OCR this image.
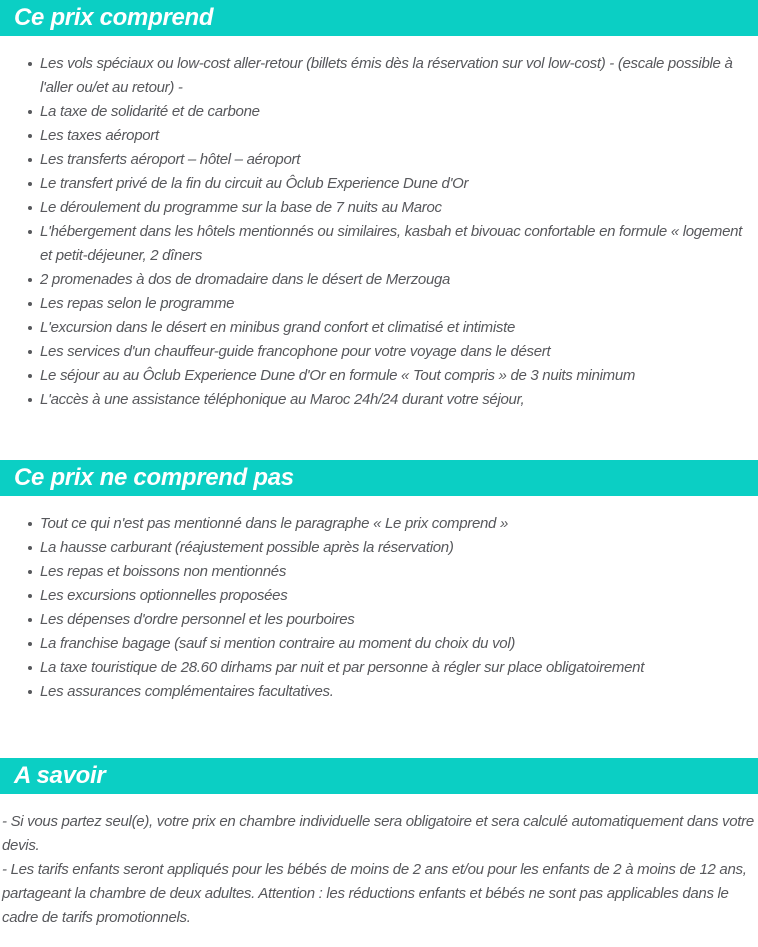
Ce prix comprend
Les vols spéciaux ou low-cost aller-retour (billets émis dès la réservation sur vol low-cost) - (escale possible à l'aller ou/et au retour) -
La taxe de solidarité et de carbone
Les taxes aéroport
Les transferts aéroport – hôtel – aéroport
Le transfert privé de la fin du circuit au Ôclub Experience Dune d'Or
Le déroulement du programme sur la base de 7 nuits au Maroc
L'hébergement dans les hôtels mentionnés ou similaires, kasbah et bivouac confortable en formule « logement et petit-déjeuner, 2 dîners
2 promenades à dos de dromadaire dans le désert de Merzouga
Les repas selon le programme
L'excursion dans le désert en minibus grand confort et climatisé et intimiste
Les services d'un chauffeur-guide francophone pour votre voyage dans le désert
Le séjour au au Ôclub Experience Dune d'Or en formule « Tout compris » de 3 nuits minimum
L'accès à une assistance téléphonique au Maroc 24h/24 durant votre séjour,
Ce prix ne comprend pas
Tout ce qui n'est pas mentionné dans le paragraphe « Le prix comprend »
La hausse carburant (réajustement possible après la réservation)
Les repas et boissons non mentionnés
Les excursions optionnelles proposées
Les dépenses d'ordre personnel et les pourboires
La franchise bagage (sauf si mention contraire au moment du choix du vol)
La taxe touristique de 28.60 dirhams par nuit et par personne à régler sur place obligatoirement
Les assurances complémentaires facultatives.
A savoir

- Si vous partez seul(e), votre prix en chambre individuelle sera obligatoire et sera calculé automatiquement dans votre devis.

- Les tarifs enfants seront appliqués pour les bébés de moins de 2 ans et/ou pour les enfants de 2 à moins de 12 ans, partageant la chambre de deux adultes. Attention : les réductions enfants et bébés ne sont pas applicables dans le cadre de tarifs promotionnels.
